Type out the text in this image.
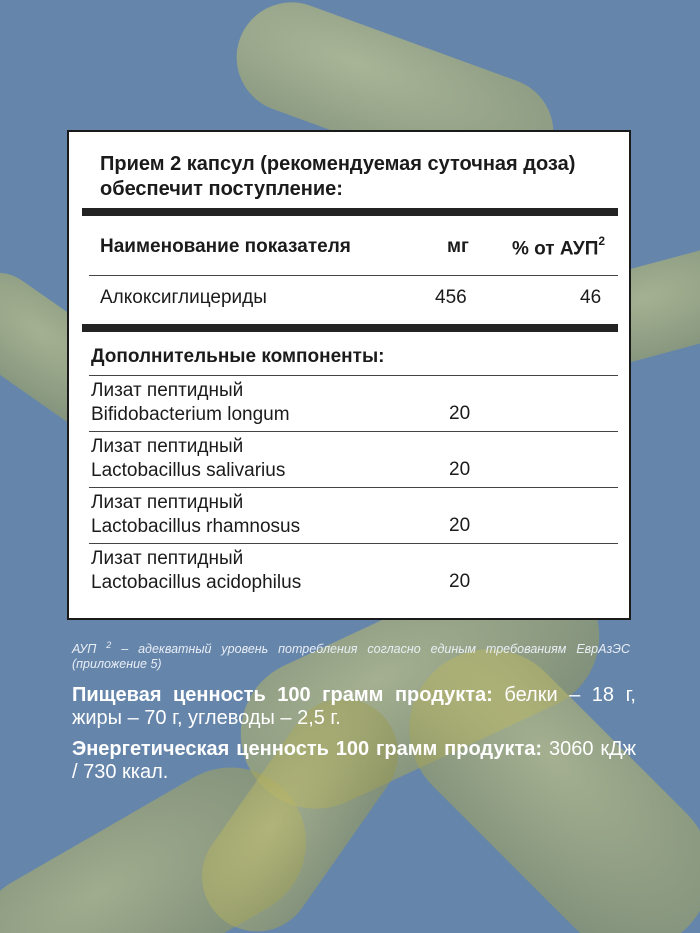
Прием 2 капсул (рекомендуемая суточная доза) обеспечит поступление:
Наименование показателя	мг % от АУП$^2$
Алкоксиглицериды	456	46
Дополнительные компоненты:
Лизат пептидный
Bifidobacterium longum	20
Лизат пептидный
Lactobacillus salivarius	20
Лизат пептидный
Lactobacillus rhamnosus	20
Лизат пептидный
Lactobacillus acidophilus	20
АУП $^2$ – адекватный уровень потребления согласно единым требованиям ЕврАзЭС (приложение 5)
Пищевая ценность 100 грамм продукта: белки – 18 г, жиры – 70 г, углеводы – 2,5 г.
Энергетическая ценность 100 грамм продукта: 3060 кДж / 730 ккал.
